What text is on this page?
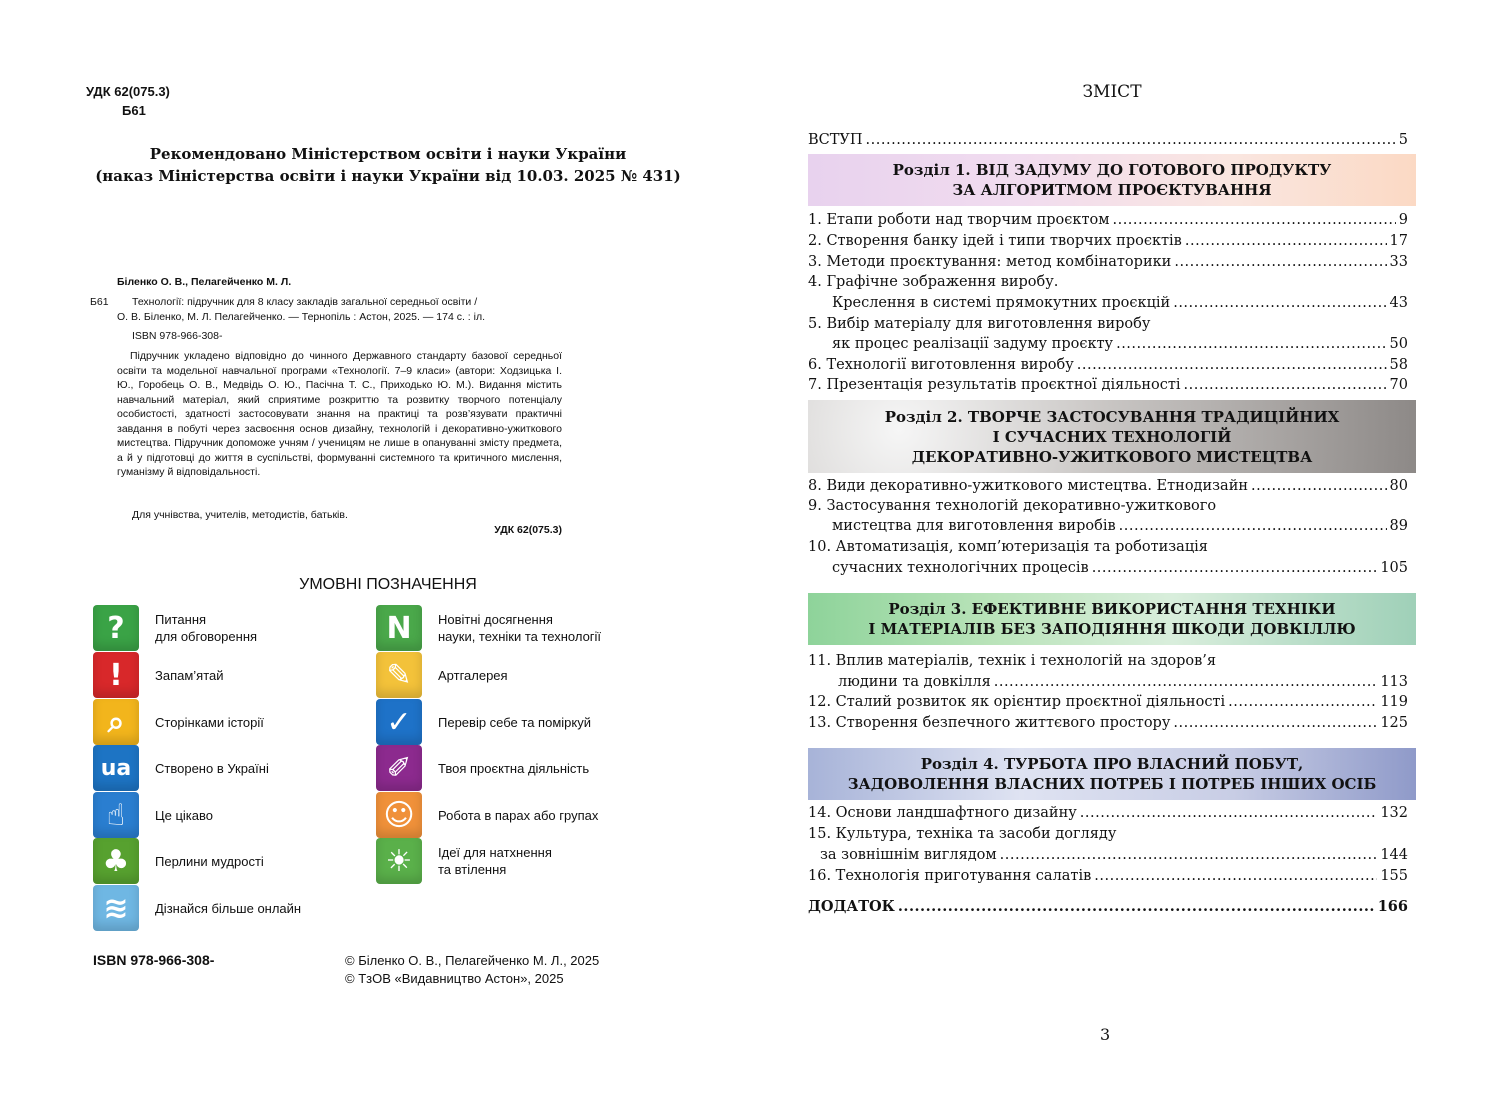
УДК 62(075.3)
Б61
Рекомендовано Міністерством освіти і науки України
(наказ Міністерства освіти і науки України від 10.03. 2025 № 431)
Біленко О. В., Пелагейченко М. Л.
Б61 Технології: підручник для 8 класу закладів загальної середньої освіти /
О. В. Біленко, М. Л. Пелагейченко. — Тернопіль : Астон, 2025. — 174 с. : іл.
ISBN 978-966-308-
Підручник укладено відповідно до чинного Державного стандарту базової середньої освіти та модельної навчальної програми «Технології. 7–9 класи» (автори: Ходзицька І. Ю., Горобець О. В., Медвідь О. Ю., Пасічна Т. С., Приходько Ю. М.). Видання містить навчальний матеріал, який сприятиме розкриттю та розвитку творчого потенціалу особистості, здатності застосовувати знання на практиці та розв’язувати практичні завдання в побуті через засвоєння основ дизайну, технологій і декоративно-ужиткового мистецтва. Підручник допоможе учням / ученицям не лише в опануванні змісту предмета, а й у підготовці до життя в суспільстві, формуванні системного та критичного мислення, гуманізму й відповідальності.
Для учнівства, учителів, методистів, батьків.
УДК 62(075.3)
УМОВНІ ПОЗНАЧЕННЯ
?	Питання
для обговорення
!	Запам’ятай
⌕	Сторінками історії
ua	Створено в Україні
☝	Це цікаво
♣	Перлини мудрості
≋	Дізнайся більше онлайн
N	Новітні досягнення
науки, техніки та технології
✎	Артгалерея
✓	Перевір себе та поміркуй
✐	Твоя проєктна діяльність
☺	Робота в парах або групах
☀	Ідеї для натхнення
та втілення
ISBN 978-966-308-	© Біленко О. В., Пелагейченко М. Л., 2025
© ТзОВ «Видавництво Астон», 2025
ЗМІСТ
ВСТУП .....	5
Розділ 1. ВІД ЗАДУМУ ДО ГОТОВОГО ПРОДУКТУ
ЗА АЛГОРИТМОМ ПРОЄКТУВАННЯ
Розділ 2. ТВОРЧЕ ЗАСТОСУВАННЯ ТРАДИЦІЙНИХ
І СУЧАСНИХ ТЕХНОЛОГІЙ
ДЕКОРАТИВНО-УЖИТКОВОГО МИСТЕЦТВА
Розділ 3. ЕФЕКТИВНЕ ВИКОРИСТАННЯ ТЕХНІКИ
І МАТЕРІАЛІВ БЕЗ ЗАПОДІЯННЯ ШКОДИ ДОВКІЛЛЮ
Розділ 4. ТУРБОТА ПРО ВЛАСНИЙ ПОБУТ,
ЗАДОВОЛЕННЯ ВЛАСНИХ ПОТРЕБ І ПОТРЕБ ІНШИХ ОСІБ
1. Етапи роботи над творчим проєктом .....	9
2. Створення банку ідей і типи творчих проєктів .....	17
3. Методи проєктування: метод комбінаторики .....	33
4. Графічне зображення виробу.
Креслення в системі прямокутних проєкцій .....	43
5. Вибір матеріалу для виготовлення виробу
як процес реалізації задуму проєкту .....	50
6. Технології виготовлення виробу .....	58
7. Презентація результатів проєктної діяльності .....	70
8. Види декоративно-ужиткового мистецтва. Етнодизайн .....	80
9. Застосування технологій декоративно-ужиткового
мистецтва для виготовлення виробів .....	89
10. Автоматизація, комп’ютеризація та роботизація
сучасних технологічних процесів .....	105
11. Вплив матеріалів, технік і технологій на здоров’я
людини та довкілля .....	113
12. Сталий розвиток як орієнтир проєктної діяльності .....	119
13. Створення безпечного життєвого простору .....	125
14. Основи ландшафтного дизайну .....	132
15. Культура, техніка та засоби догляду
за зовнішнім виглядом .....	144
16. Технологія приготування салатів .....	155
ДОДАТОК .....	166
3
